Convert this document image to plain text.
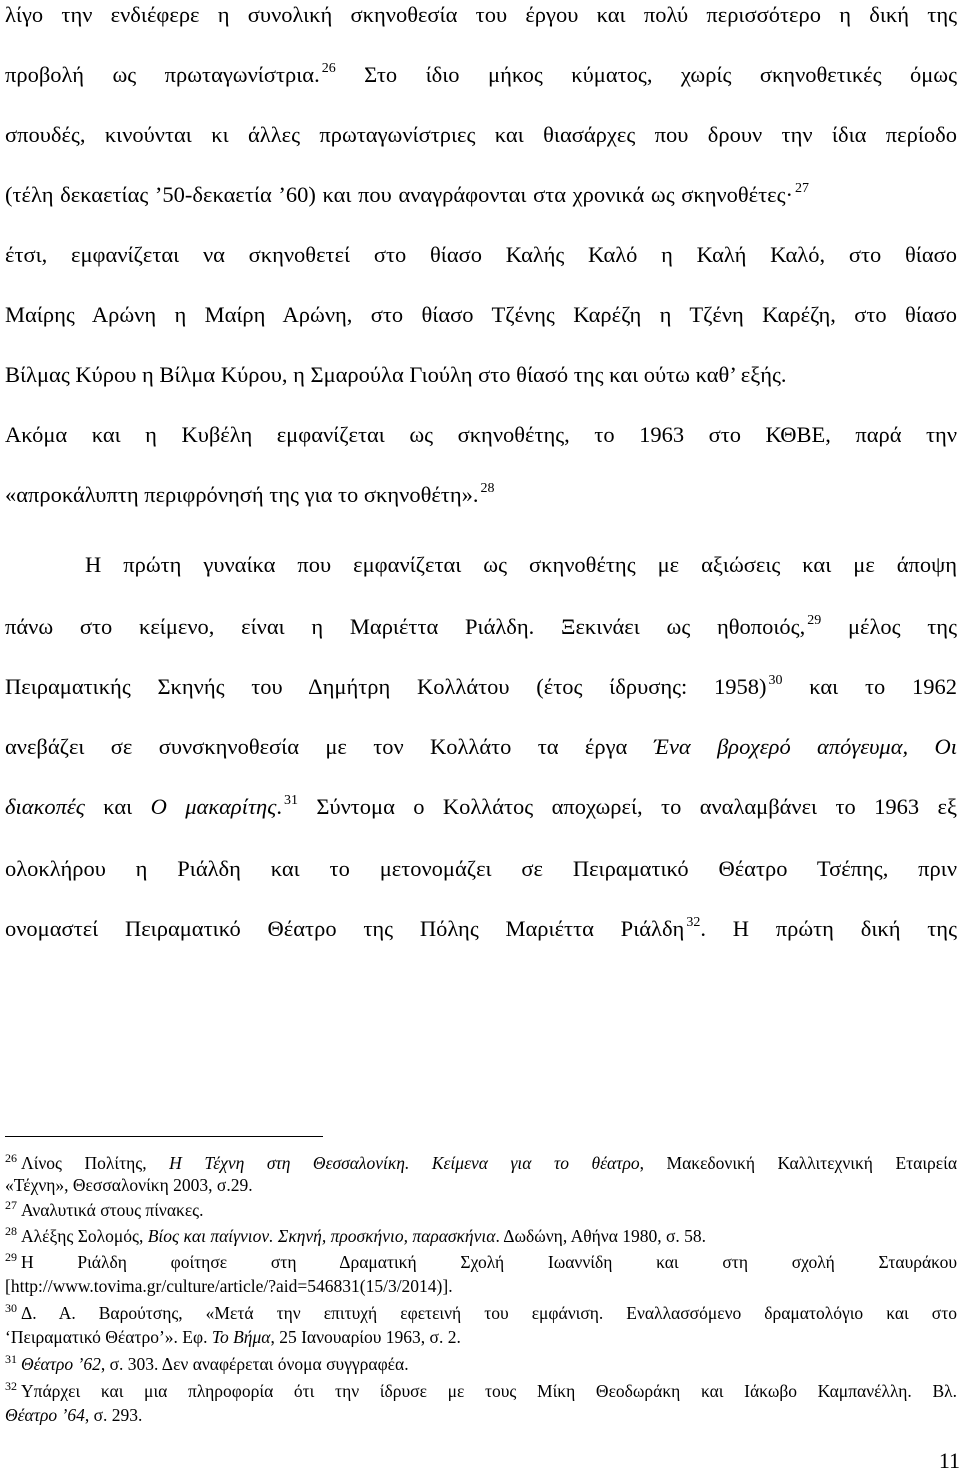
λίγο την ενδιέφερε η συνολική σκηνοθεσία του έργου και πολύ περισσότερο η δική της
προβολή ως πρωταγωνίστρια. $^{26}$ Στο ίδιο μήκος κύματος, χωρίς σκηνοθετικές όμως
σπουδές, κινούνται κι άλλες πρωταγωνίστριες και θιασάρχες που δρουν την ίδια περίοδο
(τέλη δεκαετίας ’50-δεκαετία ’60) και που αναγράφονται στα χρονικά ως σκηνοθέτες· $^{27}$
έτσι, εμφανίζεται να σκηνοθετεί στο θίασο Καλής Καλό η Καλή Καλό, στο θίασο
Μαίρης Αρώνη η Μαίρη Αρώνη, στο θίασο Τζένης Καρέζη η Τζένη Καρέζη, στο θίασο
Βίλμας Κύρου η Βίλμα Κύρου, η Σμαρούλα Γιούλη στο θίασό της και ούτω καθ’ εξής.
Ακόμα και η Κυβέλη εμφανίζεται ως σκηνοθέτης, το 1963 στο ΚΘΒΕ, παρά την
«απροκάλυπτη περιφρόνησή της για το σκηνοθέτη». $^{28}$
Η πρώτη γυναίκα που εμφανίζεται ως σκηνοθέτης με αξιώσεις και με άποψη
πάνω στο κείμενο, είναι η Μαριέττα Ριάλδη. Ξεκινάει ως ηθοποιός, $^{29}$ μέλος της
Πειραματικής Σκηνής του Δημήτρη Κολλάτου (έτος ίδρυσης: 1958) $^{30}$ και το 1962
ανεβάζει σε συνσκηνοθεσία με τον Κολλάτο τα έργα Ένα βροχερό απόγευμα, Οι
διακοπές και Ο μακαρίτης. $^{31}$ Σύντομα ο Κολλάτος αποχωρεί, το αναλαμβάνει το 1963 εξ
ολοκλήρου η Ριάλδη και το μετονομάζει σε Πειραματικό Θέατρο Τσέπης, πριν
ονομαστεί Πειραματικό Θέατρο της Πόλης Μαριέττα Ριάλδη $^{32}$. Η πρώτη δική της
$^{26}$ Λίνος Πολίτης, Η Τέχνη στη Θεσσαλονίκη. Κείμενα για το θέατρο, Μακεδονική Καλλιτεχνική Εταιρεία
«Τέχνη», Θεσσαλονίκη 2003, σ.29.
$^{27}$ Αναλυτικά στους πίνακες.
$^{28}$ Αλέξης Σολομός, Βίος και παίγνιον. Σκηνή, προσκήνιο, παρασκήνια. Δωδώνη, Αθήνα 1980, σ. 58.
$^{29}$ Η Ριάλδη φοίτησε στη Δραματική Σχολή Ιωαννίδη και στη σχολή Σταυράκου
[http://www.tovima.gr/culture/article/?aid=546831(15/3/2014)].
$^{30}$ Δ. Α. Βαρούτσης, «Μετά την επιτυχή εφετεινή του εμφάνιση. Εναλλασσόμενο δραματολόγιο και στο
‘Πειραματικό Θέατρο’». Εφ. Το Βήμα, 25 Ιανουαρίου 1963, σ. 2.
$^{31}$ Θέατρο ’62, σ. 303. Δεν αναφέρεται όνομα συγγραφέα.
$^{32}$ Υπάρχει και μια πληροφορία ότι την ίδρυσε με τους Μίκη Θεοδωράκη και Ιάκωβο Καμπανέλλη. Βλ.
Θέατρο ’64, σ. 293.
11
